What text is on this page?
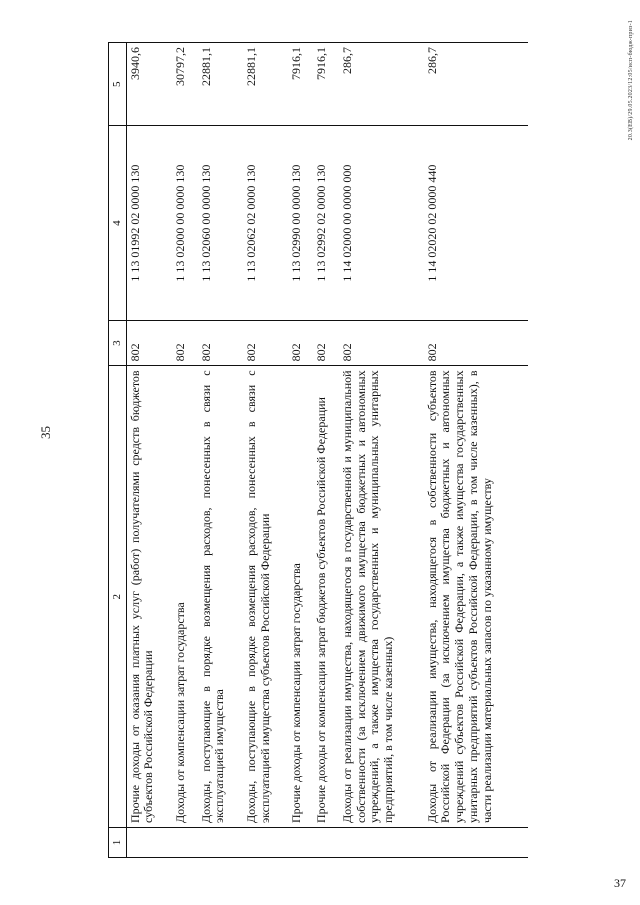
35
20.3(ЕВ)/29.05.2023/12:05/исп-бюдж-приз-1
37
1	2	3	4	5
	Прочие доходы от оказания платных услуг (работ) получателями средств бюджетов субъектов Российской Федерации	802	1 13 01992 02 0000 130	3940,6
	Доходы от компенсации затрат государства	802	1 13 02000 00 0000 130	30797,2
	Доходы, поступающие в порядке возмещения расходов, понесенных в связи с эксплуатацией имущества	802	1 13 02060 00 0000 130	22881,1
	Доходы, поступающие в порядке возмещения расходов, понесенных в связи с эксплуатацией имущества субъектов Российской Федерации	802	1 13 02062 02 0000 130	22881,1
	Прочие доходы от компенсации затрат государства	802	1 13 02990 00 0000 130	7916,1
	Прочие доходы от компенсации затрат бюджетов субъектов Российской Федерации	802	1 13 02992 02 0000 130	7916,1
	Доходы от реализации имущества, находящегося в государственной и муниципальной собственности (за исключением движимого имущества бюджетных и автономных учреждений, а также имущества государственных и муниципальных унитарных предприятий, в том числе казенных)	802	1 14 02000 00 0000 000	286,7
	Доходы от реализации имущества, находящегося в собственности субъектов Российской Федерации (за исключением имущества бюджетных и автономных учреждений субъектов Российской Федерации, а также имущества государственных унитарных предприятий субъектов Российской Федерации, в том числе казенных), в части реализации материальных запасов по указанному имуществу	802	1 14 02020 02 0000 440	286,7
